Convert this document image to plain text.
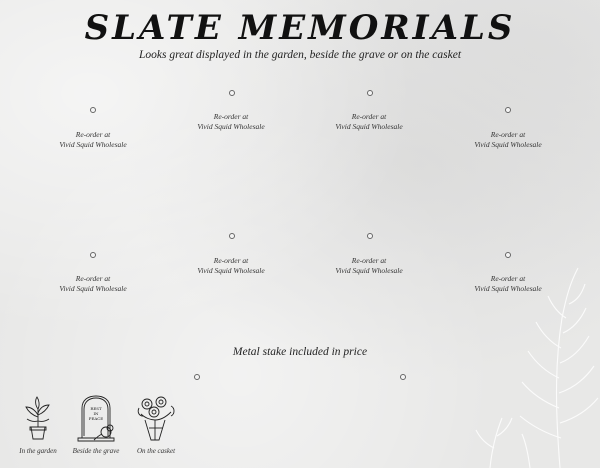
SLATE MEMORIALS
Looks great displayed in the garden, beside the grave or on the casket
Re-order at
Vivid Squid Wholesale
Re-order at
Vivid Squid Wholesale
Re-order at
Vivid Squid Wholesale
Re-order at
Vivid Squid Wholesale
Re-order at
Vivid Squid Wholesale
Re-order at
Vivid Squid Wholesale
Re-order at
Vivid Squid Wholesale
Re-order at
Vivid Squid Wholesale
Metal stake included in price
In the garden
REST
IN
PEACE
Beside the grave	On the casket
